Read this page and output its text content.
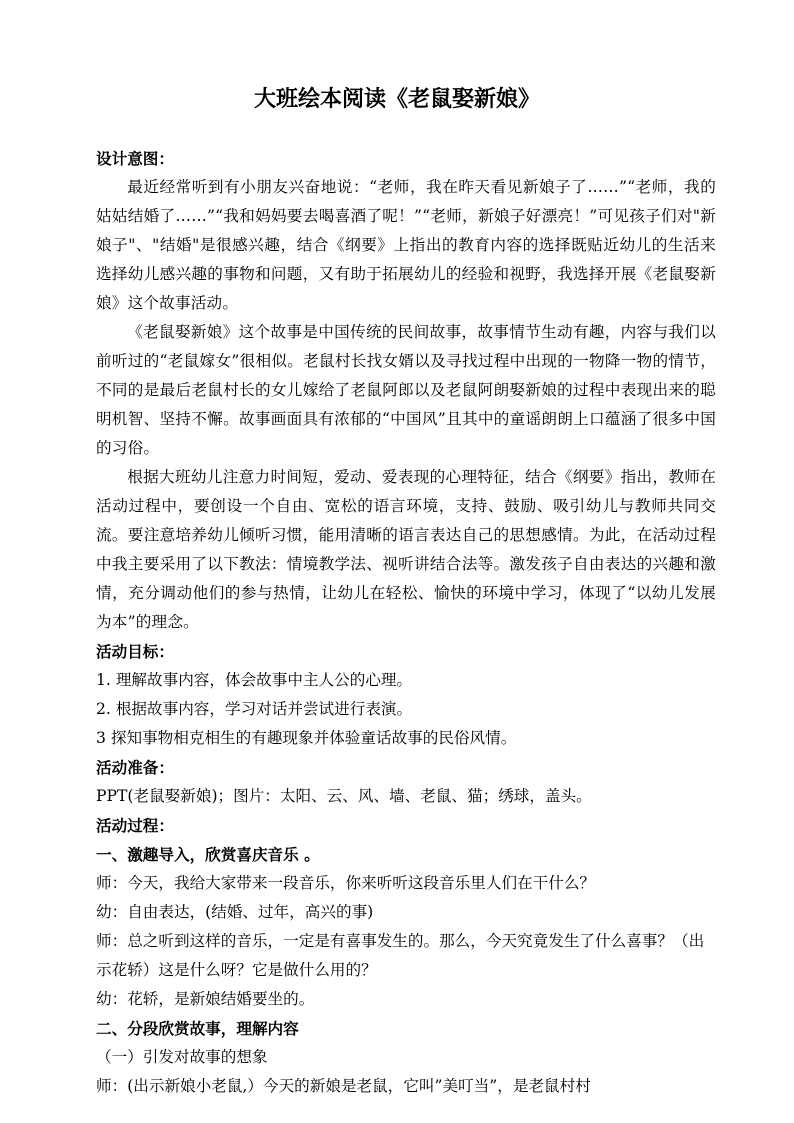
大班绘本阅读《老鼠娶新娘》
设计意图：

最近经常听到有小朋友兴奋地说：“老师，我在昨天看见新娘子了……”“老师，我的姑姑结婚了……”“我和妈妈要去喝喜酒了呢！”“老师，新娘子好漂亮！”可见孩子们对"新娘子"、"结婚"是很感兴趣，结合《纲要》上指出的教育内容的选择既贴近幼儿的生活来选择幼儿感兴趣的事物和问题，又有助于拓展幼儿的经验和视野，我选择开展《老鼠娶新娘》这个故事活动。

《老鼠娶新娘》这个故事是中国传统的民间故事，故事情节生动有趣，内容与我们以前听过的“老鼠嫁女”很相似。老鼠村长找女婿以及寻找过程中出现的一物降一物的情节，不同的是最后老鼠村长的女儿嫁给了老鼠阿郎以及老鼠阿朗娶新娘的过程中表现出来的聪明机智、坚持不懈。故事画面具有浓郁的“中国风”且其中的童谣朗朗上口蕴涵了很多中国的习俗。

根据大班幼儿注意力时间短，爱动、爱表现的心理特征，结合《纲要》指出，教师在活动过程中，要创设一个自由、宽松的语言环境，支持、鼓励、吸引幼儿与教师共同交流。要注意培养幼儿倾听习惯，能用清晰的语言表达自己的思想感情。为此，在活动过程中我主要采用了以下教法：情境教学法、视听讲结合法等。激发孩子自由表达的兴趣和激情，充分调动他们的参与热情，让幼儿在轻松、愉快的环境中学习，体现了“以幼儿发展为本”的理念。

活动目标：

1. 理解故事内容，体会故事中主人公的心理。

2. 根据故事内容，学习对话并尝试进行表演。

3 探知事物相克相生的有趣现象并体验童话故事的民俗风情。

活动准备：

PPT(老鼠娶新娘)；图片：太阳、云、风、墙、老鼠、猫；绣球，盖头。

活动过程：
一、激趣导入，欣赏喜庆音乐 。

师：今天，我给大家带来一段音乐，你来听听这段音乐里人们在干什么？

幼：自由表达，(结婚、过年，高兴的事)

师：总之听到这样的音乐，一定是有喜事发生的。那么，今天究竟发生了什么喜事？（出示花轿）这是什么呀？它是做什么用的？

幼：花轿，是新娘结婚要坐的。

二、分段欣赏故事，理解内容

（一）引发对故事的想象

师：(出示新娘小老鼠,）今天的新娘是老鼠，它叫”美叮当”，是老鼠村村
